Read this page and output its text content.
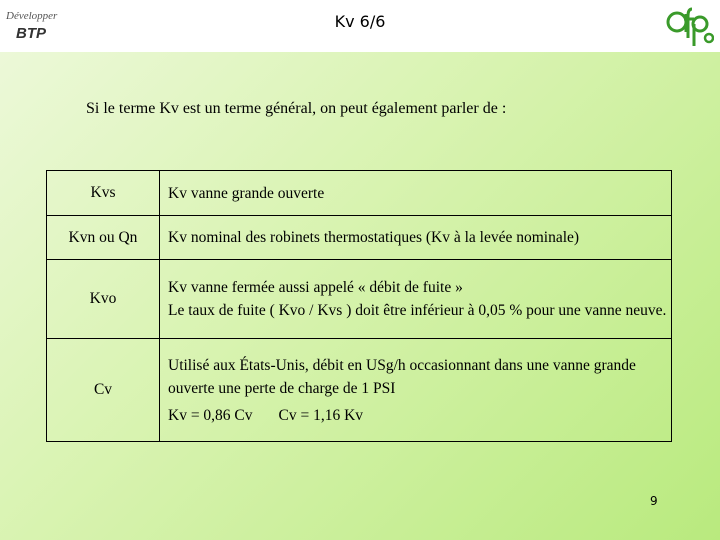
Développer
BTP
Kv 6/6
Si le terme Kv est un terme général, on peut également parler de :
Kvs	Kv vanne grande ouverte

Kvn ou Qn	Kv nominal des robinets thermostatiques (Kv à la levée nominale)

Kvo	Kv vanne fermée aussi appelé « débit de fuite »
Le taux de fuite ( Kvo / Kvs ) doit être inférieur à 0,05 % pour une vanne neuve.

Cv	Utilisé aux États-Unis, débit en USg/h occasionnant dans une vanne grande ouverte une perte de charge de 1 PSI
Kv = 0,86 Cv Cv = 1,16 Kv
9
